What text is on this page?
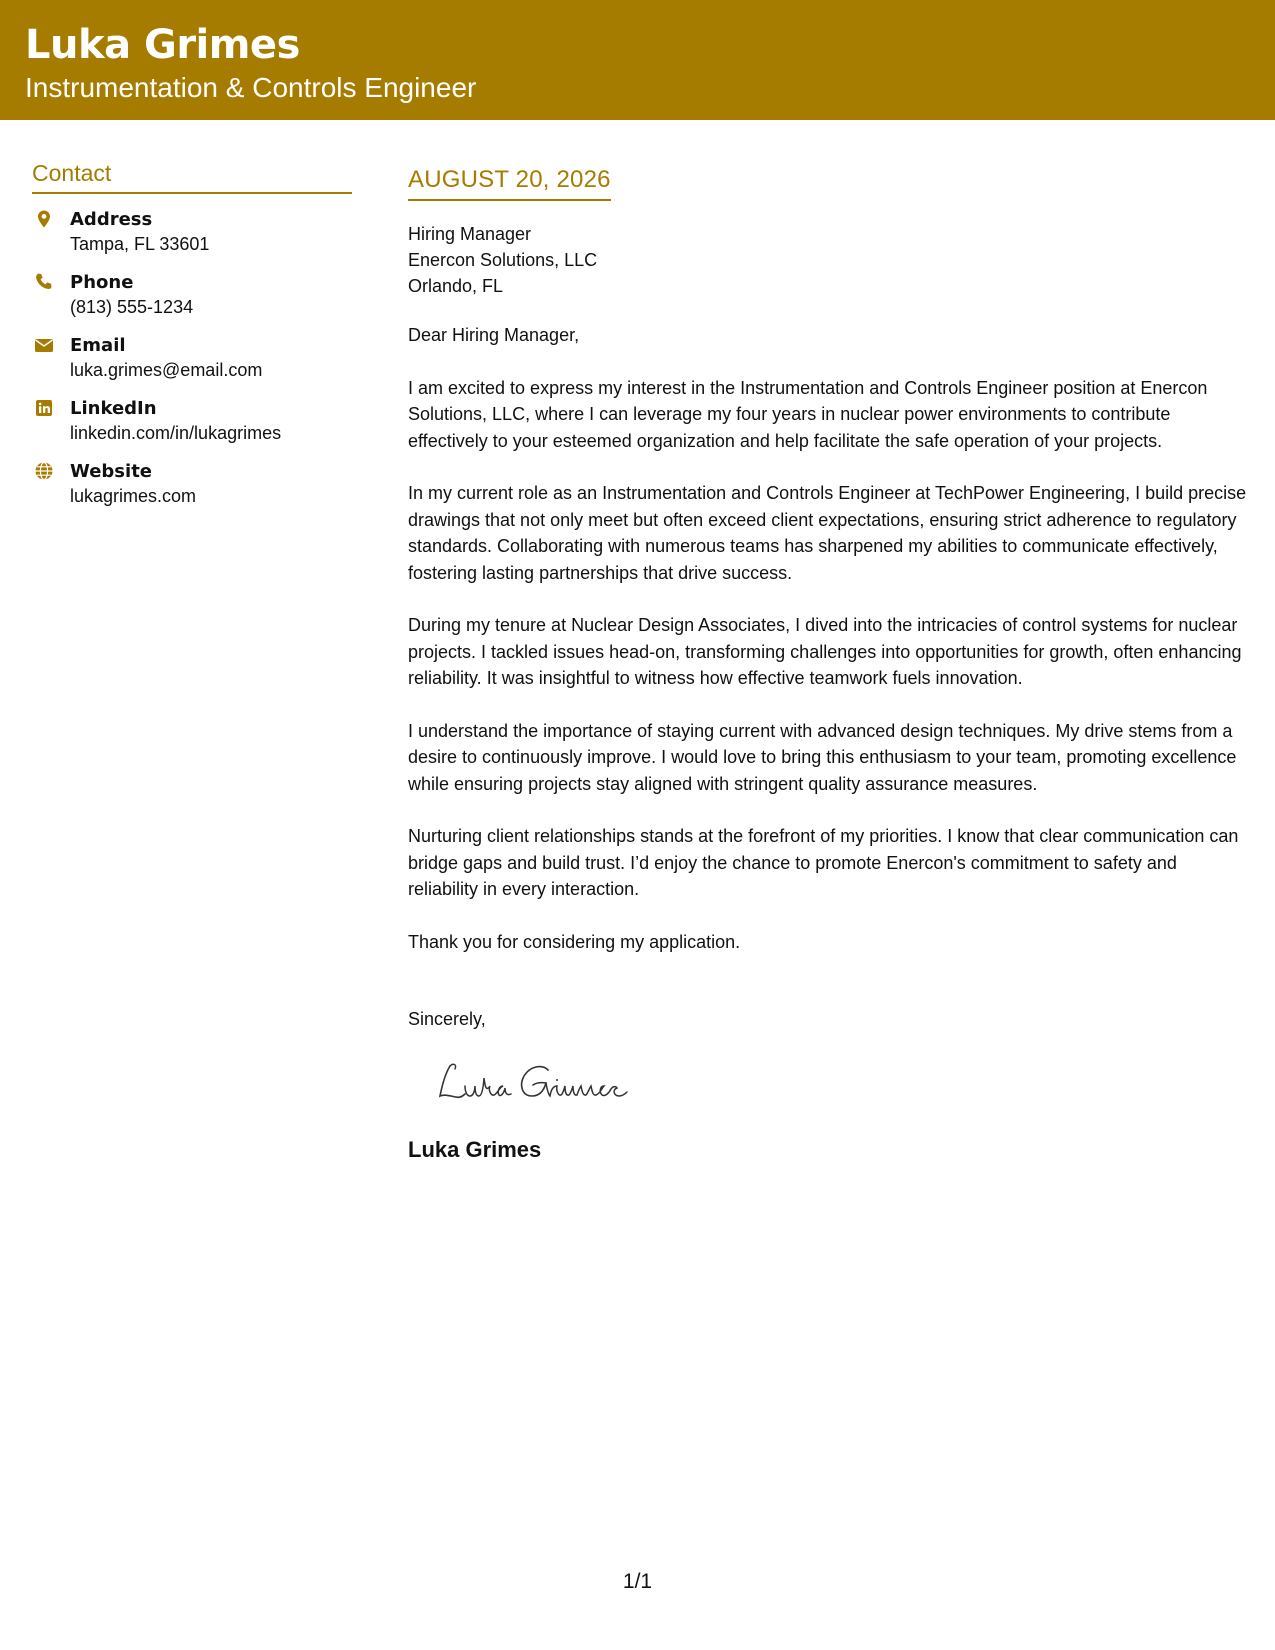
Luka Grimes
Instrumentation & Controls Engineer
Contact
Address
Tampa, FL 33601
Phone
(813) 555-1234
Email
luka.grimes@email.com
LinkedIn
linkedin.com/in/lukagrimes
Website
lukagrimes.com
AUGUST 20, 2026
Hiring Manager
Enercon Solutions, LLC
Orlando, FL

Dear Hiring Manager,

I am excited to express my interest in the Instrumentation and Controls Engineer position at Enercon Solutions, LLC, where I can leverage my four years in nuclear power environments to contribute effectively to your esteemed organization and help facilitate the safe operation of your projects.

In my current role as an Instrumentation and Controls Engineer at TechPower Engineering, I build precise drawings that not only meet but often exceed client expectations, ensuring strict adherence to regulatory standards. Collaborating with numerous teams has sharpened my abilities to communicate effectively, fostering lasting partnerships that drive success.

During my tenure at Nuclear Design Associates, I dived into the intricacies of control systems for nuclear projects. I tackled issues head-on, transforming challenges into opportunities for growth, often enhancing reliability. It was insightful to witness how effective teamwork fuels innovation.

I understand the importance of staying current with advanced design techniques. My drive stems from a desire to continuously improve. I would love to bring this enthusiasm to your team, promoting excellence while ensuring projects stay aligned with stringent quality assurance measures.

Nurturing client relationships stands at the forefront of my priorities. I know that clear communication can bridge gaps and build trust. I’d enjoy the chance to promote Enercon's commitment to safety and reliability in every interaction.

Thank you for considering my application.

Sincerely,
Luka Grimes
1/1
